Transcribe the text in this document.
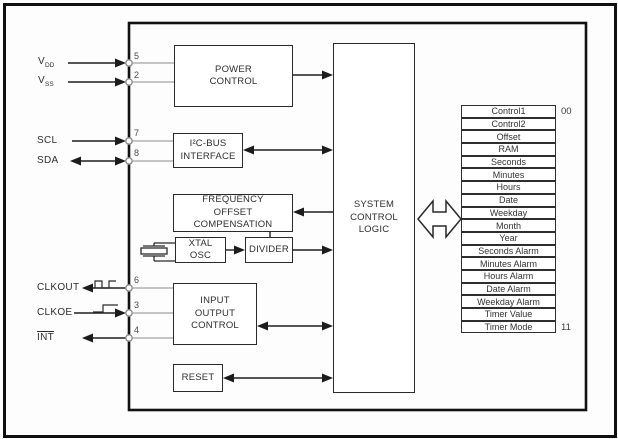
POWER
CONTROL
I²C-BUS
INTERFACE
FREQUENCY
OFFSET
COMPENSATION
XTAL
OSC
DIVIDER
INPUT
OUTPUT
CONTROL
RESET
SYSTEM
CONTROL
LOGIC
$V_{DD}$
$V_{SS}$
SCL
SDA
CLKOUT
CLKOE
INT
5
2
7
8
6
3
4
Control1
Control2
Offset
RAM
Seconds
Minutes
Hours
Date
Weekday
Month
Year
Seconds Alarm
Minutes Alarm
Hours Alarm
Date Alarm
Weekday Alarm
Timer Value
Timer Mode
00
11
